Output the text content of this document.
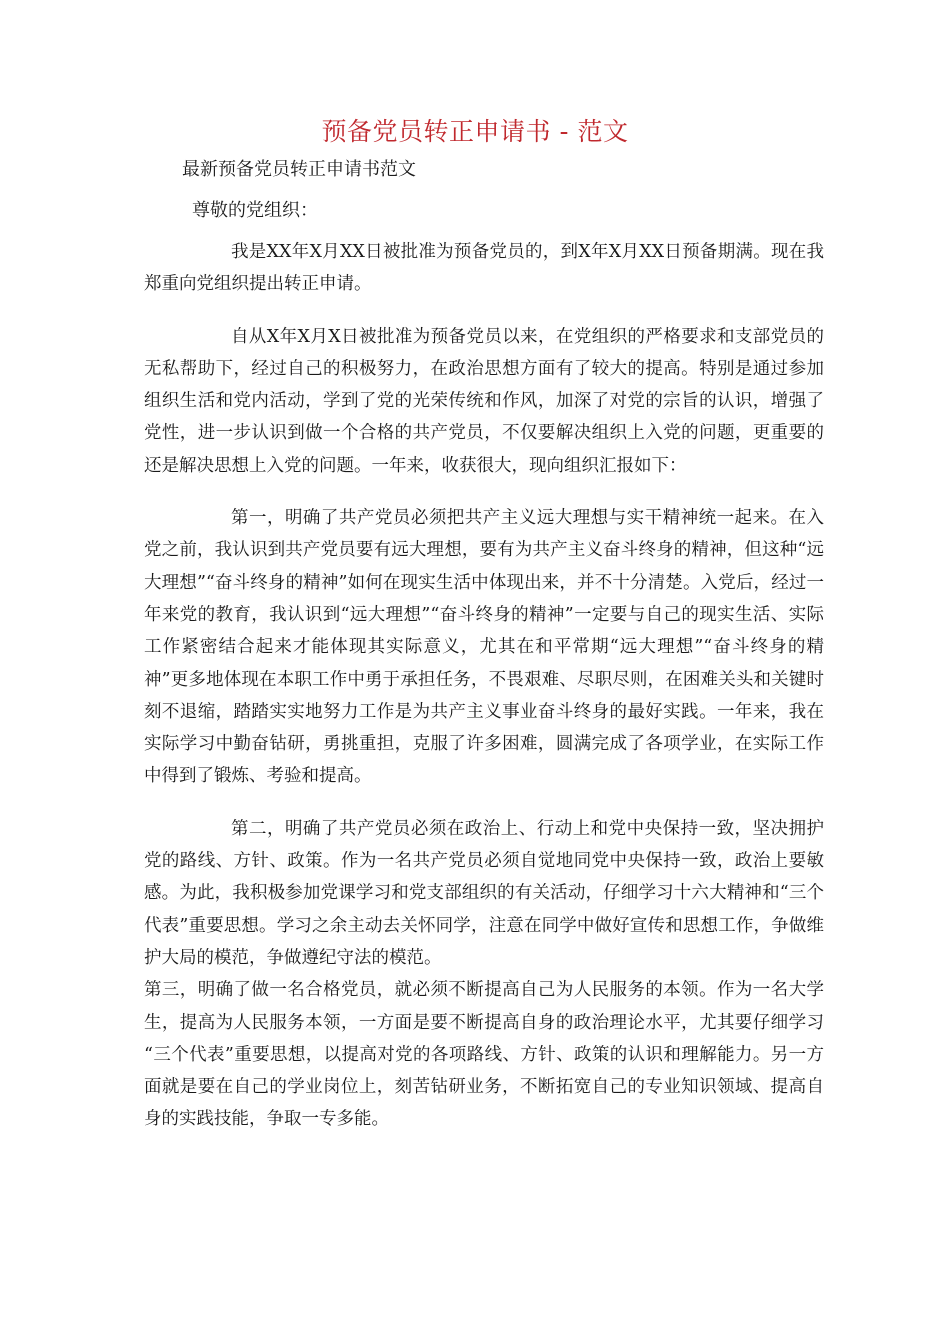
预备党员转正申请书 - 范文
最新预备党员转正申请书范文
尊敬的党组织：

我是XX年X月XX日被批准为预备党员的，到X年X月XX日预备期满。现在我郑重向党组织提出转正申请。

自从X年X月X日被批准为预备党员以来，在党组织的严格要求和支部党员的无私帮助下，经过自己的积极努力，在政治思想方面有了较大的提高。特别是通过参加组织生活和党内活动，学到了党的光荣传统和作风，加深了对党的宗旨的认识，增强了党性，进一步认识到做一个合格的共产党员，不仅要解决组织上入党的问题，更重要的还是解决思想上入党的问题。一年来，收获很大，现向组织汇报如下：

第一，明确了共产党员必须把共产主义远大理想与实干精神统一起来。在入党之前，我认识到共产党员要有远大理想，要有为共产主义奋斗终身的精神，但这种“远大理想”“奋斗终身的精神”如何在现实生活中体现出来，并不十分清楚。入党后，经过一年来党的教育，我认识到“远大理想”“奋斗终身的精神”一定要与自己的现实生活、实际工作紧密结合起来才能体现其实际意义，尤其在和平常期“远大理想”“奋斗终身的精神”更多地体现在本职工作中勇于承担任务，不畏艰难、尽职尽则，在困难关头和关键时刻不退缩，踏踏实实地努力工作是为共产主义事业奋斗终身的最好实践。一年来，我在实际学习中勤奋钻研，勇挑重担，克服了许多困难，圆满完成了各项学业，在实际工作中得到了锻炼、考验和提高。

第二，明确了共产党员必须在政治上、行动上和党中央保持一致，坚决拥护党的路线、方针、政策。作为一名共产党员必须自觉地同党中央保持一致，政治上要敏感。为此，我积极参加党课学习和党支部组织的有关活动，仔细学习十六大精神和“三个代表”重要思想。学习之余主动去关怀同学，注意在同学中做好宣传和思想工作，争做维护大局的模范，争做遵纪守法的模范。

第三，明确了做一名合格党员，就必须不断提高自己为人民服务的本领。作为一名大学生，提高为人民服务本领，一方面是要不断提高自身的政治理论水平，尤其要仔细学习 “三个代表”重要思想，以提高对党的各项路线、方针、政策的认识和理解能力。另一方面就是要在自己的学业岗位上，刻苦钻研业务，不断拓宽自己的专业知识领域、提高自身的实践技能，争取一专多能。
